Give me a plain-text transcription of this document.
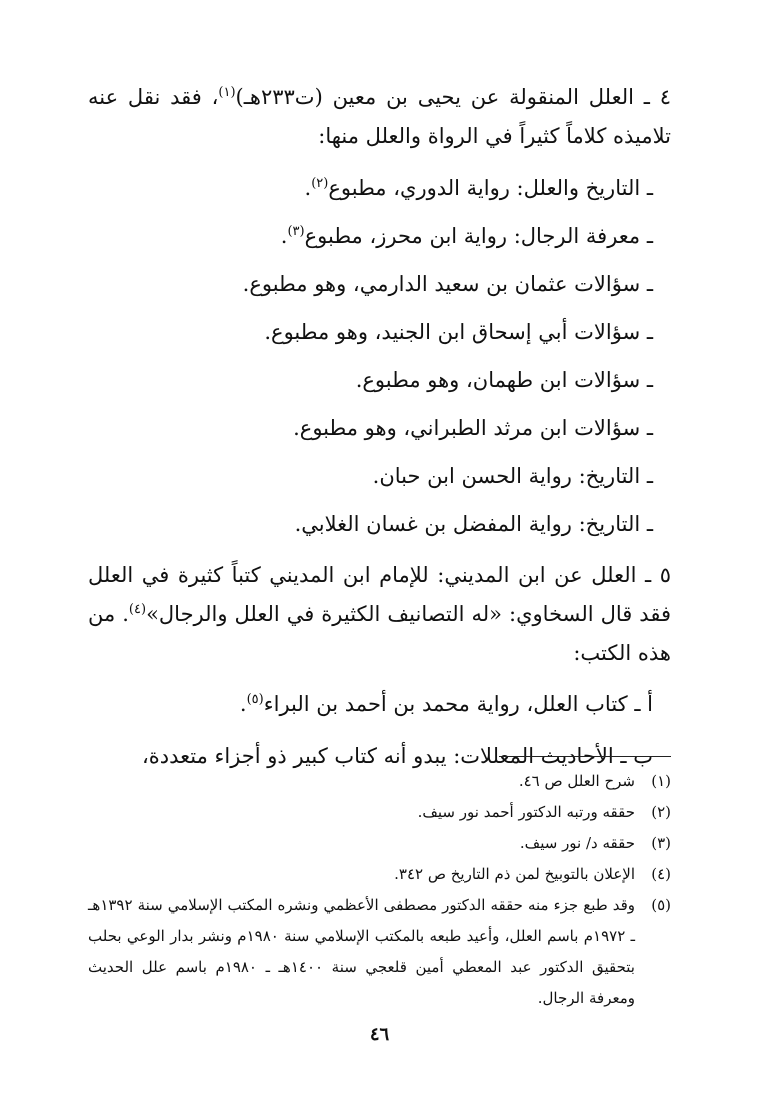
٤ ـ العلل المنقولة عن يحيى بن معين (ت٢٣٣هـ)$^{(١)}$، فقد نقل عنه تلاميذه كلاماً كثيراً في الرواة والعلل منها:

ـ التاريخ والعلل: رواية الدوري، مطبوع$^{(٢)}$.
ـ معرفة الرجال: رواية ابن محرز، مطبوع$^{(٣)}$.
ـ سؤالات عثمان بن سعيد الدارمي، وهو مطبوع.
ـ سؤالات أبي إسحاق ابن الجنيد، وهو مطبوع.
ـ سؤالات ابن طهمان، وهو مطبوع.
ـ سؤالات ابن مرثد الطبراني، وهو مطبوع.
ـ التاريخ: رواية الحسن ابن حبان.
ـ التاريخ: رواية المفضل بن غسان الغلابي.

٥ ـ العلل عن ابن المديني: للإمام ابن المديني كتباً كثيرة في العلل فقد قال السخاوي: «له التصانيف الكثيرة في العلل والرجال»$^{(٤)}$. من هذه الكتب:

أ ـ كتاب العلل، رواية محمد بن أحمد بن البراء$^{(٥)}$.

ب ـ الأحاديث المعللات: يبدو أنه كتاب كبير ذو أجزاء متعددة،

(١)
شرح العلل ص ٤٦.
(٢)
حققه ورتبه الدكتور أحمد نور سيف.
(٣)
حققه د/ نور سيف.
(٤)
الإعلان بالتوبيخ لمن ذم التاريخ ص ٣٤٢.
(٥)
وقد طبع جزء منه حققه الدكتور مصطفى الأعظمي ونشره المكتب الإسلامي سنة ١٣٩٢هـ ـ ١٩٧٢م باسم العلل، وأعيد طبعه بالمكتب الإسلامي سنة ١٩٨٠م ونشر بدار الوعي بحلب بتحقيق الدكتور عبد المعطي أمين قلعجي سنة ١٤٠٠هـ ـ ١٩٨٠م باسم علل الحديث ومعرفة الرجال.
٤٦
